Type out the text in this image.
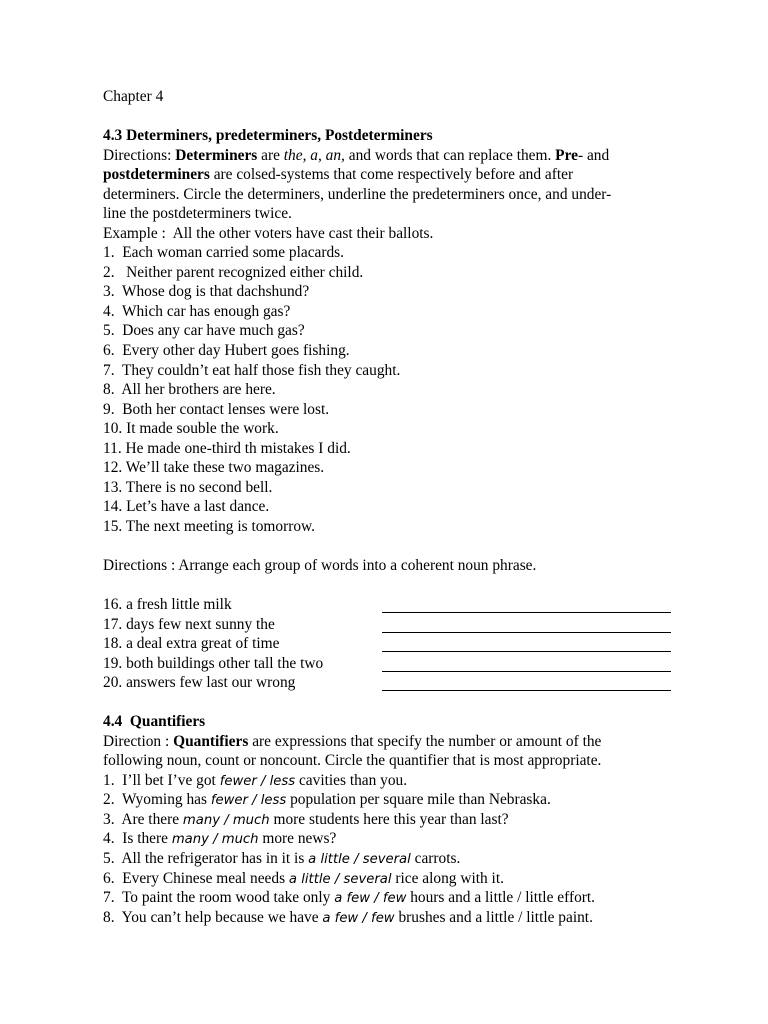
Chapter 4
4.3 Determiners, predeterminers, Postdeterminers
Directions: Determiners are the, a, an, and words that can replace them. Pre- and
postdeterminers are colsed-systems that come respectively before and after
determiners. Circle the determiners, underline the predeterminers once, and under-
line the postdeterminers twice.
Example :  All the other voters have cast their ballots.
1.  Each woman carried some placards.
2.   Neither parent recognized either child.
3.  Whose dog is that dachshund?
4.  Which car has enough gas?
5.  Does any car have much gas?
6.  Every other day Hubert goes fishing.
7.  They couldn’t eat half those fish they caught.
8.  All her brothers are here.
9.  Both her contact lenses were lost.
10. It made souble the work.
11. He made one-third th mistakes I did.
12. We’ll take these two magazines.
13. There is no second bell.
14. Let’s have a last dance.
15. The next meeting is tomorrow.
Directions : Arrange each group of words into a coherent noun phrase.
16. a fresh little milk
17. days few next sunny the
18. a deal extra great of time
19. both buildings other tall the two
20. answers few last our wrong
4.4  Quantifiers
Direction : Quantifiers are expressions that specify the number or amount of the
following noun, count or noncount. Circle the quantifier that is most appropriate.
1.  I’ll bet I’ve got fewer / less cavities than you.
2.  Wyoming has fewer / less population per square mile than Nebraska.
3.  Are there many / much more students here this year than last?
4.  Is there many / much more news?
5.  All the refrigerator has in it is a little / several carrots.
6.  Every Chinese meal needs a little / several rice along with it.
7.  To paint the room wood take only a few / few hours and a little / little effort.
8.  You can’t help because we have a few / few brushes and a little / little paint.
